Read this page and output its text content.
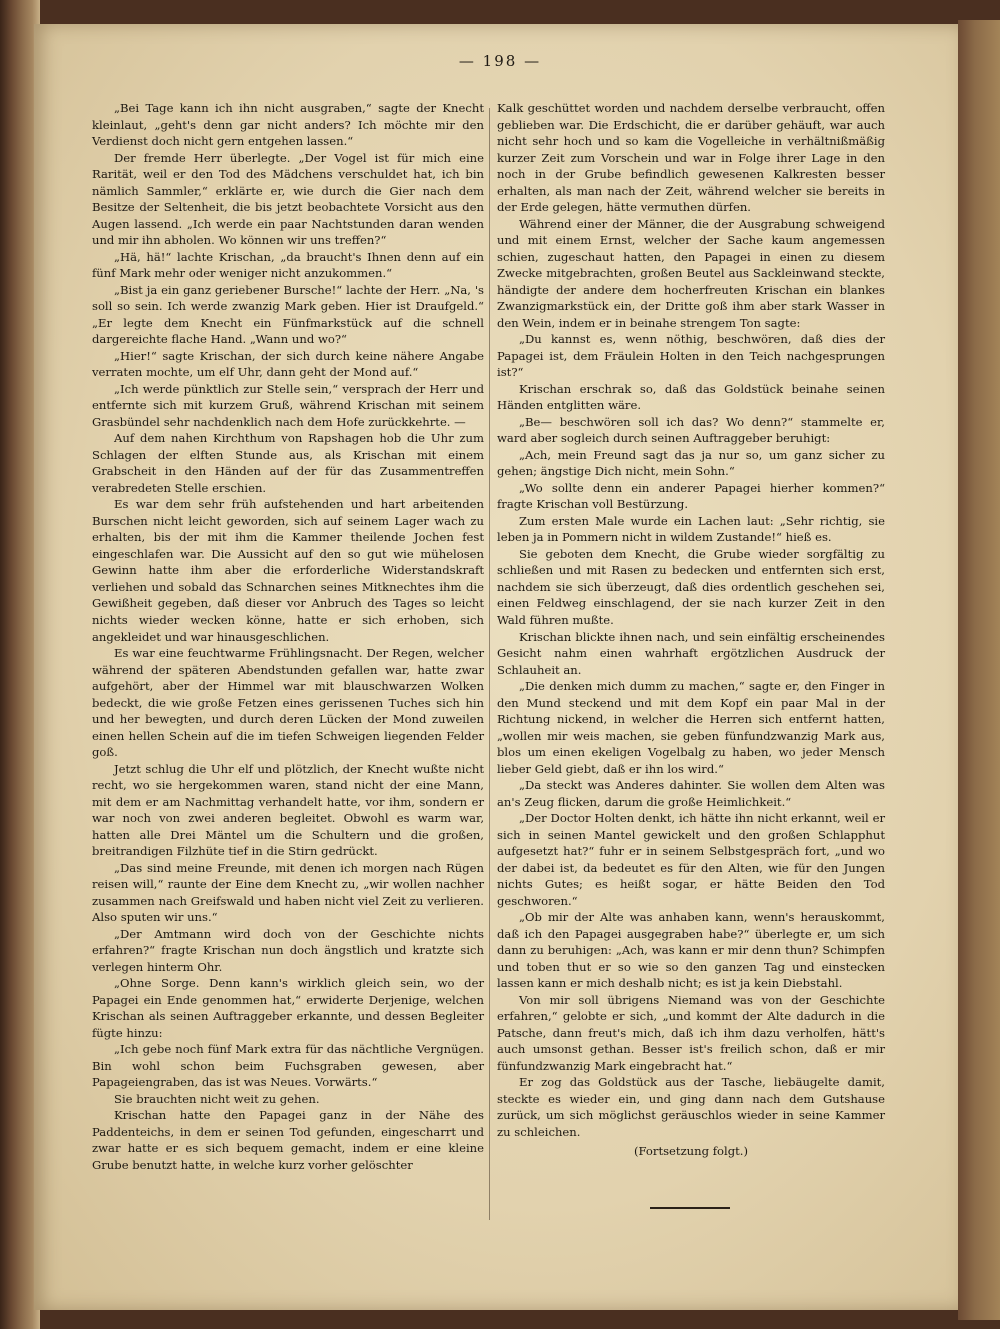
— 198 —

„Bei Tage kann ich ihn nicht ausgraben,“ sagte der Knecht kleinlaut, „geht's denn gar nicht anders? Ich möchte mir den Verdienst doch nicht gern entgehen lassen.“

Der fremde Herr überlegte. „Der Vogel ist für mich eine Rarität, weil er den Tod des Mädchens verschuldet hat, ich bin nämlich Sammler,“ erklärte er, wie durch die Gier nach dem Besitze der Seltenheit, die bis jetzt beobachtete Vorsicht aus den Augen lassend. „Ich werde ein paar Nachtstunden daran wenden und mir ihn abholen. Wo können wir uns treffen?“

„Hä, hä!“ lachte Krischan, „da braucht's Ihnen denn auf ein fünf Mark mehr oder weniger nicht anzukommen.“

„Bist ja ein ganz geriebener Bursche!“ lachte der Herr. „Na, 's soll so sein. Ich werde zwanzig Mark geben. Hier ist Draufgeld.“ „Er legte dem Knecht ein Fünfmarkstück auf die schnell dargereichte flache Hand. „Wann und wo?“

„Hier!“ sagte Krischan, der sich durch keine nähere Angabe verraten mochte, um elf Uhr, dann geht der Mond auf.“

„Ich werde pünktlich zur Stelle sein,“ versprach der Herr und entfernte sich mit kurzem Gruß, während Krischan mit seinem Grasbündel sehr nachdenklich nach dem Hofe zurückkehrte. —

Auf dem nahen Kirchthum von Rapshagen hob die Uhr zum Schlagen der elften Stunde aus, als Krischan mit einem Grabscheit in den Händen auf der für das Zusammentreffen verabredeten Stelle erschien.

Es war dem sehr früh aufstehenden und hart arbeitenden Burschen nicht leicht geworden, sich auf seinem Lager wach zu erhalten, bis der mit ihm die Kammer theilende Jochen fest eingeschlafen war. Die Aussicht auf den so gut wie mühelosen Gewinn hatte ihm aber die erforderliche Widerstandskraft verliehen und sobald das Schnarchen seines Mitknechtes ihm die Gewißheit gegeben, daß dieser vor Anbruch des Tages so leicht nichts wieder wecken könne, hatte er sich erhoben, sich angekleidet und war hinausgeschlichen.

Es war eine feuchtwarme Frühlingsnacht. Der Regen, welcher während der späteren Abendstunden gefallen war, hatte zwar aufgehört, aber der Himmel war mit blauschwarzen Wolken bedeckt, die wie große Fetzen eines gerissenen Tuches sich hin und her bewegten, und durch deren Lücken der Mond zuweilen einen hellen Schein auf die im tiefen Schweigen liegenden Felder goß.

Jetzt schlug die Uhr elf und plötzlich, der Knecht wußte nicht recht, wo sie hergekommen waren, stand nicht der eine Mann, mit dem er am Nachmittag verhandelt hatte, vor ihm, sondern er war noch von zwei anderen begleitet. Obwohl es warm war, hatten alle Drei Mäntel um die Schultern und die großen, breitrandigen Filzhüte tief in die Stirn gedrückt.

„Das sind meine Freunde, mit denen ich morgen nach Rügen reisen will,“ raunte der Eine dem Knecht zu, „wir wollen nachher zusammen nach Greifswald und haben nicht viel Zeit zu verlieren. Also sputen wir uns.“

„Der Amtmann wird doch von der Geschichte nichts erfahren?“ fragte Krischan nun doch ängstlich und kratzte sich verlegen hinterm Ohr.

„Ohne Sorge. Denn kann's wirklich gleich sein, wo der Papagei ein Ende genommen hat,“ erwiderte Derjenige, welchen Krischan als seinen Auftraggeber erkannte, und dessen Begleiter fügte hinzu:

„Ich gebe noch fünf Mark extra für das nächtliche Vergnügen. Bin wohl schon beim Fuchsgraben gewesen, aber Papageiengraben, das ist was Neues. Vorwärts.“

Sie brauchten nicht weit zu gehen.

Krischan hatte den Papagei ganz in der Nähe des Paddenteichs, in dem er seinen Tod gefunden, eingescharrt und zwar hatte er es sich bequem gemacht, indem er eine kleine Grube benutzt hatte, in welche kurz vorher gelöschter

Kalk geschüttet worden und nachdem derselbe verbraucht, offen geblieben war. Die Erdschicht, die er darüber gehäuft, war auch nicht sehr hoch und so kam die Vogelleiche in verhältnißmäßig kurzer Zeit zum Vorschein und war in Folge ihrer Lage in den noch in der Grube befindlich gewesenen Kalkresten besser erhalten, als man nach der Zeit, während welcher sie bereits in der Erde gelegen, hätte vermuthen dürfen.

Während einer der Männer, die der Ausgrabung schweigend und mit einem Ernst, welcher der Sache kaum angemessen schien, zugeschaut hatten, den Papagei in einen zu diesem Zwecke mitgebrachten, großen Beutel aus Sackleinwand steckte, händigte der andere dem hocherfreuten Krischan ein blankes Zwanzigmarkstück ein, der Dritte goß ihm aber stark Wasser in den Wein, indem er in beinahe strengem Ton sagte:

„Du kannst es, wenn nöthig, beschwören, daß dies der Papagei ist, dem Fräulein Holten in den Teich nachgesprungen ist?“

Krischan erschrak so, daß das Goldstück beinahe seinen Händen entglitten wäre.

„Be— beschwören soll ich das? Wo denn?“ stammelte er, ward aber sogleich durch seinen Auftraggeber beruhigt:

„Ach, mein Freund sagt das ja nur so, um ganz sicher zu gehen; ängstige Dich nicht, mein Sohn.“

„Wo sollte denn ein anderer Papagei hierher kommen?“ fragte Krischan voll Bestürzung.

Zum ersten Male wurde ein Lachen laut: „Sehr richtig, sie leben ja in Pommern nicht in wildem Zustande!“ hieß es.

Sie geboten dem Knecht, die Grube wieder sorgfältig zu schließen und mit Rasen zu bedecken und entfernten sich erst, nachdem sie sich überzeugt, daß dies ordentlich geschehen sei, einen Feldweg einschlagend, der sie nach kurzer Zeit in den Wald führen mußte.

Krischan blickte ihnen nach, und sein einfältig erscheinendes Gesicht nahm einen wahrhaft ergötzlichen Ausdruck der Schlauheit an.

„Die denken mich dumm zu machen,“ sagte er, den Finger in den Mund steckend und mit dem Kopf ein paar Mal in der Richtung nickend, in welcher die Herren sich entfernt hatten, „wollen mir weis machen, sie geben fünfundzwanzig Mark aus, blos um einen ekeligen Vogelbalg zu haben, wo jeder Mensch lieber Geld giebt, daß er ihn los wird.“

„Da steckt was Anderes dahinter. Sie wollen dem Alten was an's Zeug flicken, darum die große Heimlichkeit.“

„Der Doctor Holten denkt, ich hätte ihn nicht erkannt, weil er sich in seinen Mantel gewickelt und den großen Schlapphut aufgesetzt hat?“ fuhr er in seinem Selbstgespräch fort, „und wo der dabei ist, da bedeutet es für den Alten, wie für den Jungen nichts Gutes; es heißt sogar, er hätte Beiden den Tod geschworen.“

„Ob mir der Alte was anhaben kann, wenn's herauskommt, daß ich den Papagei ausgegraben habe?“ überlegte er, um sich dann zu beruhigen: „Ach, was kann er mir denn thun? Schimpfen und toben thut er so wie so den ganzen Tag und einstecken lassen kann er mich deshalb nicht; es ist ja kein Diebstahl.

Von mir soll übrigens Niemand was von der Geschichte erfahren,“ gelobte er sich, „und kommt der Alte dadurch in die Patsche, dann freut's mich, daß ich ihm dazu verholfen, hätt's auch umsonst gethan. Besser ist's freilich schon, daß er mir fünfundzwanzig Mark eingebracht hat.“

Er zog das Goldstück aus der Tasche, liebäugelte damit, steckte es wieder ein, und ging dann nach dem Gutshause zurück, um sich möglichst geräuschlos wieder in seine Kammer zu schleichen.

(Fortsetzung folgt.)
